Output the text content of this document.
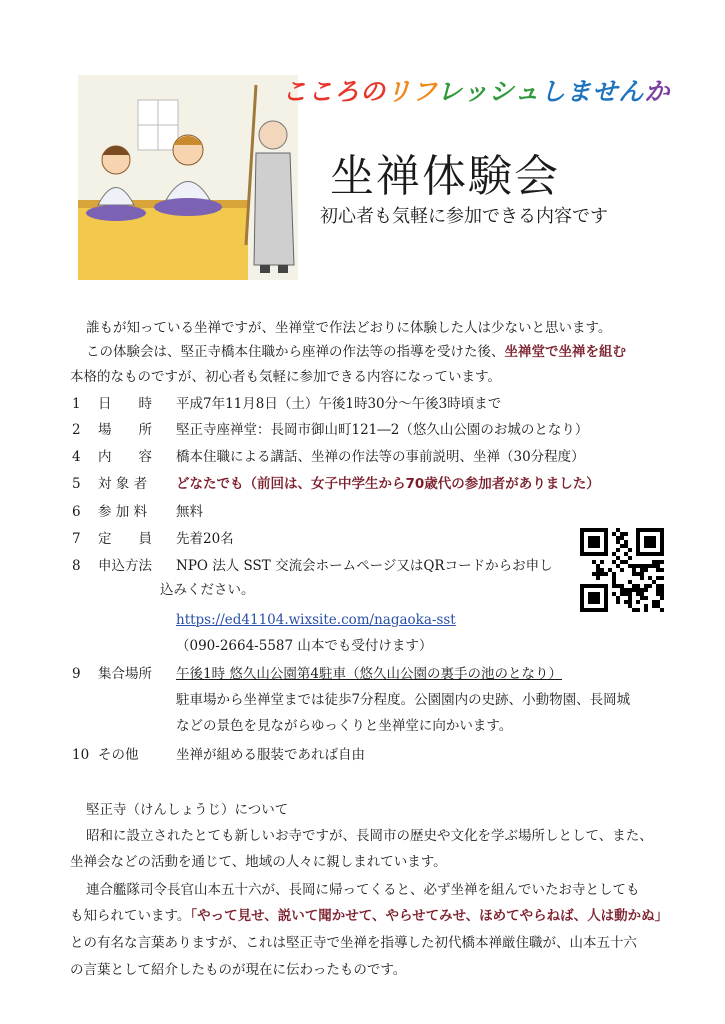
こころのリフレッシュしませんか
坐禅体験会
初心者も気軽に参加できる内容です
誰もが知っている坐禅ですが、坐禅堂で作法どおりに体験した人は少ないと思います。
この体験会は、堅正寺橋本住職から座禅の作法等の指導を受けた後、坐禅堂で坐禅を組む
本格的なものですが、初心者も気軽に参加できる内容になっています。
1	日　　時	平成7年11月8日（土）午後1時30分～午後3時頃まで
2	場　　所	堅正寺座禅堂：長岡市御山町121―2（悠久山公園のお城のとなり）
4	内　　容	橋本住職による講話、坐禅の作法等の事前説明、坐禅（30分程度）
5	対 象 者	どなたでも（前回は、女子中学生から70歳代の参加者がありました）
6	参 加 料	無料
7	定　　員	先着20名
8	申込方法	NPO 法人 SST 交流会ホームページ又はQRコードからお申し
込みください。
https://ed41104.wixsite.com/nagaoka-sst
（090-2664-5587 山本でも受付けます）
9	集合場所	午後1時 悠久山公園第4駐車（悠久山公園の裏手の池のとなり）
駐車場から坐禅堂までは徒歩7分程度。公園園内の史跡、小動物園、長岡城
などの景色を見ながらゆっくりと坐禅堂に向かいます。
10 その他	坐禅が組める服装であれば自由
堅正寺（けんしょうじ）について
昭和に設立されたとても新しいお寺ですが、長岡市の歴史や文化を学ぶ場所しとして、また、
坐禅会などの活動を通じて、地域の人々に親しまれています。
連合艦隊司令長官山本五十六が、長岡に帰ってくると、必ず坐禅を組んでいたお寺としても
も知られています。「やって見せ、説いて聞かせて、やらせてみせ、ほめてやらねば、人は動かぬ」
との有名な言葉ありますが、これは堅正寺で坐禅を指導した初代橋本禅厳住職が、山本五十六
の言葉として紹介したものが現在に伝わったものです。
